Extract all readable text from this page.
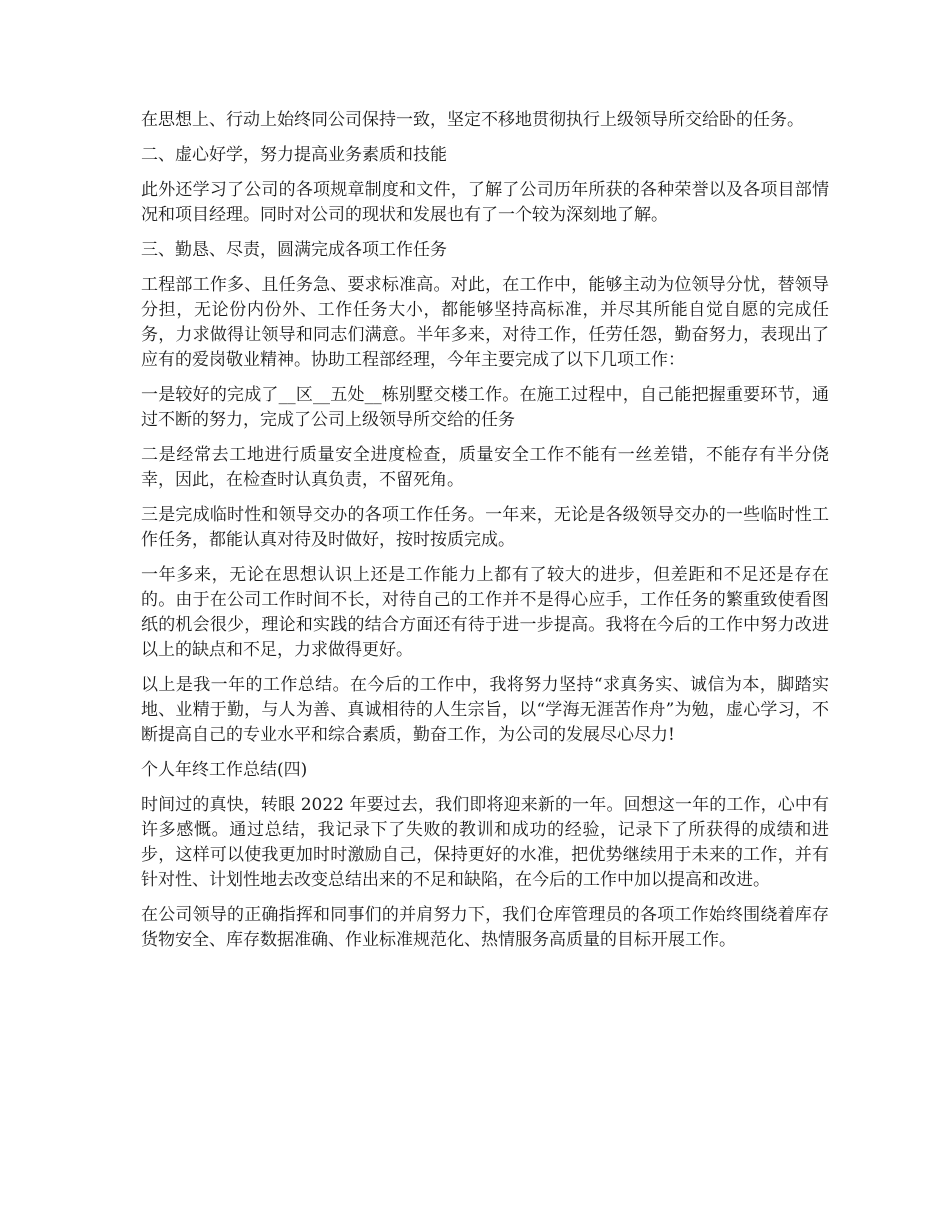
在思想上、行动上始终同公司保持一致，坚定不移地贯彻执行上级领导所交给卧的任务。

二、虚心好学，努力提高业务素质和技能

此外还学习了公司的各项规章制度和文件，了解了公司历年所获的各种荣誉以及各项目部情况和项目经理。同时对公司的现状和发展也有了一个较为深刻地了解。

三、勤恳、尽责，圆满完成各项工作任务

工程部工作多、且任务急、要求标准高。对此，在工作中，能够主动为位领导分忧，替领导分担，无论份内份外、工作任务大小，都能够坚持高标准，并尽其所能自觉自愿的完成任务，力求做得让领导和同志们满意。半年多来，对待工作，任劳任怨，勤奋努力，表现出了应有的爱岗敬业精神。协助工程部经理，今年主要完成了以下几项工作：

一是较好的完成了__区__五处__栋别墅交楼工作。在施工过程中，自己能把握重要环节，通过不断的努力，完成了公司上级领导所交给的任务

二是经常去工地进行质量安全进度检查，质量安全工作不能有一丝差错，不能存有半分侥幸，因此，在检查时认真负责，不留死角。

三是完成临时性和领导交办的各项工作任务。一年来，无论是各级领导交办的一些临时性工作任务，都能认真对待及时做好，按时按质完成。

一年多来，无论在思想认识上还是工作能力上都有了较大的进步，但差距和不足还是存在的。由于在公司工作时间不长，对待自己的工作并不是得心应手，工作任务的繁重致使看图纸的机会很少，理论和实践的结合方面还有待于进一步提高。我将在今后的工作中努力改进以上的缺点和不足，力求做得更好。

以上是我一年的工作总结。在今后的工作中，我将努力坚持“求真务实、诚信为本，脚踏实地、业精于勤，与人为善、真诚相待的人生宗旨，以“学海无涯苦作舟”为勉，虚心学习，不断提高自己的专业水平和综合素质，勤奋工作，为公司的发展尽心尽力!

个人年终工作总结(四)

时间过的真快，转眼 2022 年要过去，我们即将迎来新的一年。回想这一年的工作，心中有许多感慨。通过总结，我记录下了失败的教训和成功的经验，记录下了所获得的成绩和进步，这样可以使我更加时时激励自己，保持更好的水准，把优势继续用于未来的工作，并有针对性、计划性地去改变总结出来的不足和缺陷，在今后的工作中加以提高和改进。

在公司领导的正确指挥和同事们的并肩努力下，我们仓库管理员的各项工作始终围绕着库存货物安全、库存数据准确、作业标准规范化、热情服务高质量的目标开展工作。
